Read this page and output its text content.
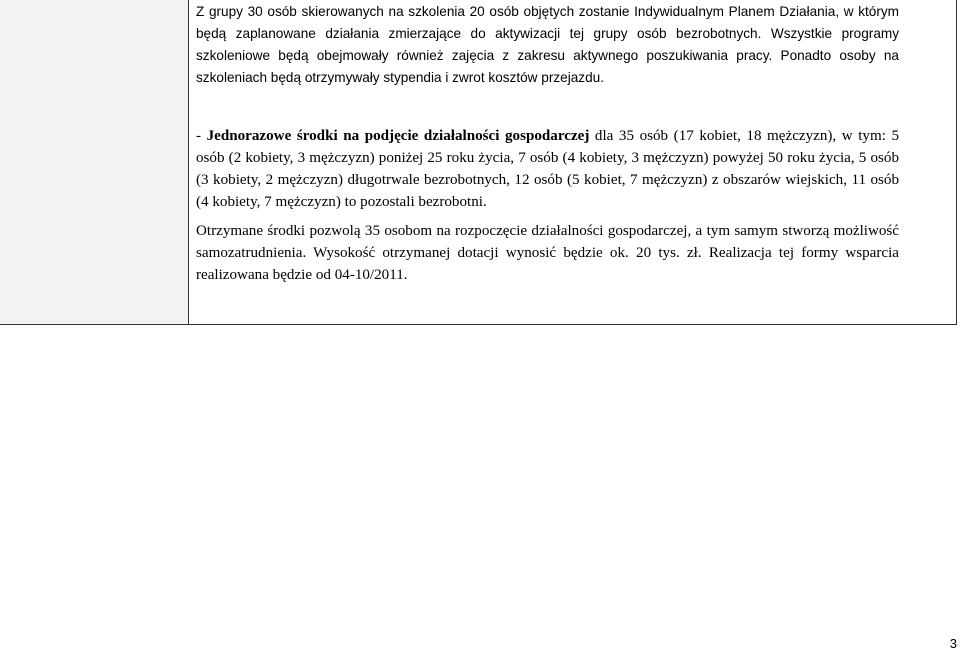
Z grupy 30 osób skierowanych na szkolenia 20 osób objętych zostanie Indywidualnym Planem Działania, w którym będą zaplanowane działania zmierzające do aktywizacji tej grupy osób bezrobotnych. Wszystkie programy szkoleniowe będą obejmowały również zajęcia z zakresu aktywnego poszukiwania pracy. Ponadto osoby na szkoleniach będą otrzymywały stypendia i zwrot kosztów przejazdu.
- Jednorazowe środki na podjęcie działalności gospodarczej dla 35 osób (17 kobiet, 18 mężczyzn), w tym: 5 osób (2 kobiety, 3 mężczyzn) poniżej 25 roku życia, 7 osób (4 kobiety, 3 mężczyzn) powyżej 50 roku życia, 5 osób (3 kobiety, 2 mężczyzn) długotrwale bezrobotnych, 12 osób (5 kobiet, 7 mężczyzn) z obszarów wiejskich, 11 osób (4 kobiety, 7 mężczyzn) to pozostali bezrobotni.
Otrzymane środki pozwolą 35 osobom na rozpoczęcie działalności gospodarczej, a tym samym stworzą możliwość samozatrudnienia. Wysokość otrzymanej dotacji wynosić będzie ok. 20 tys. zł. Realizacja tej formy wsparcia realizowana będzie od 04-10/2011.
3
